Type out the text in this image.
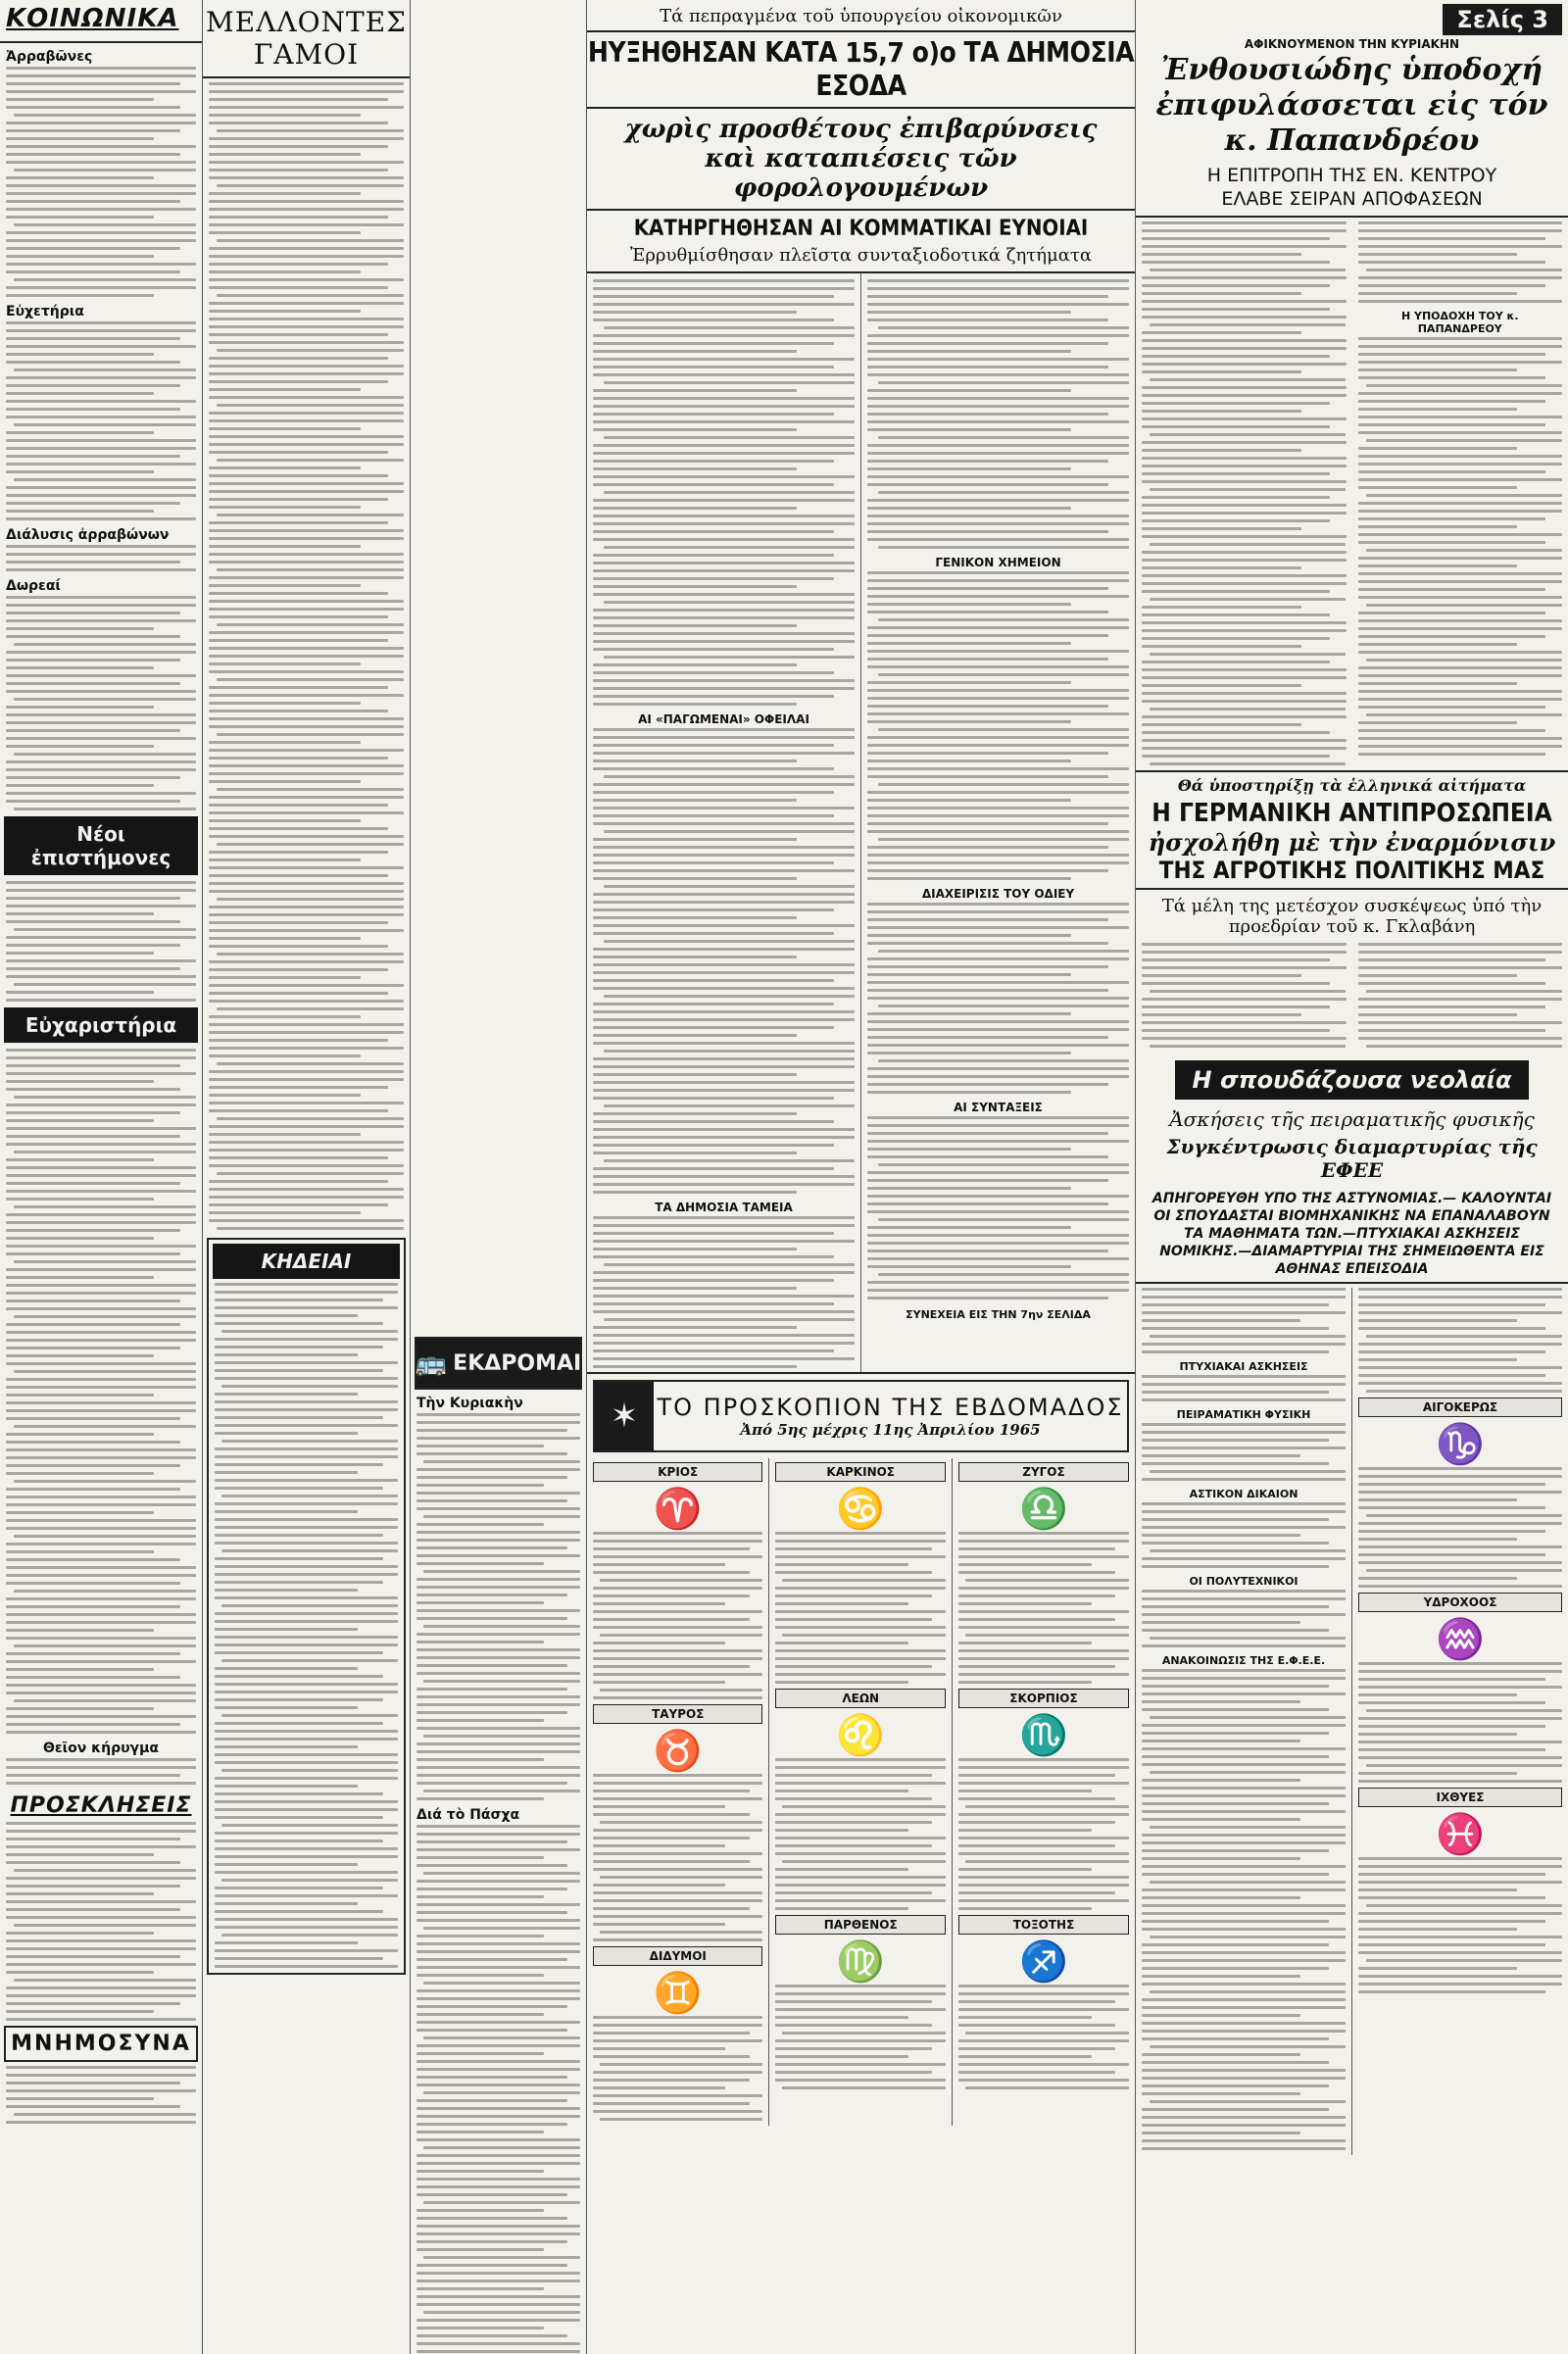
ΚΟΙΝΩΝΙΚΑ
Ἀρραβῶνες
Εὐχετήρια
Διάλυσις ἀρραβώνων
Δωρεαί
Νέοι ἐπιστήμονες
Εὐχαριστήρια
Θεῖον κήρυγμα
ΠΡΟΣΚΛΗΣΕΙΣ
ΜΝΗΜΟΣΥΝΑ
ΜΕΛΛΟΝΤΕΣ ΓΑΜΟΙ
ΚΗΔΕΙΑΙ
🚌 ΕΚΔΡΟΜΑΙ
Τὴν Κυριακὴν
Διά τὸ Πάσχα
Τά πεπραγμένα τοῦ ὑπουργείου οἰκονομικῶν
ΗΥΞΗΘΗΣΑΝ ΚΑΤΑ 15,7 ο)ο ΤΑ ΔΗΜΟΣΙΑ ΕΣΟΔΑ
χωρὶς προσθέτους ἐπιβαρύνσεις
καὶ καταπιέσεις τῶν φορολογουμένων
ΚΑΤΗΡΓΗΘΗΣΑΝ ΑΙ ΚΟΜΜΑΤΙΚΑΙ ΕΥΝΟΙΑΙ
Ἐρρυθμίσθησαν πλεῖστα συνταξιοδοτικά ζητήματα
ΑΙ «ΠΑΓΩΜΕΝΑΙ» ΟΦΕΙΛΑΙ
ΤΑ ΔΗΜΟΣΙΑ ΤΑΜΕΙΑ
ΓΕΝΙΚΟΝ ΧΗΜΕΙΟΝ
ΔΙΑΧΕΙΡΙΣΙΣ ΤΟΥ ΟΔΙΕΥ
ΑΙ ΣΥΝΤΑΞΕΙΣ
ΣΥΝΕΧΕΙΑ ΕΙΣ ΤΗΝ 7ην ΣΕΛΙΔΑ
✶ ΤΟ ΠΡΟΣΚΟΠΙΟΝ ΤΗΣ ΕΒΔΟΜΑΔΟΣ
Ἀπό 5ης μέχρις 11ης Ἀπριλίου 1965
ΚΡΙΟΣ
♈
ΤΑΥΡΟΣ
♉
ΔΙΔΥΜΟΙ
♊
ΚΑΡΚΙΝΟΣ
♋
ΛΕΩΝ
♌
ΠΑΡΘΕΝΟΣ
♍
ΖΥΓΟΣ
♎
ΣΚΟΡΠΙΟΣ
♏
ΤΟΞΟΤΗΣ
♐
Σελίς 3
ΑΦΙΚΝΟΥΜΕΝΟΝ ΤΗΝ ΚΥΡΙΑΚΗΝ
Ἐνθουσιώδης ὑποδοχή ἐπιφυλάσσεται εἰς τόν κ. Παπανδρέου
Η ΕΠΙΤΡΟΠΗ ΤΗΣ ΕΝ. ΚΕΝΤΡΟΥ
ΕΛΑΒΕ ΣΕΙΡΑΝ ΑΠΟΦΑΣΕΩΝ
Η ΥΠΟΔΟΧΗ ΤΟΥ κ. ΠΑΠΑΝΔΡΕΟΥ
Θά ὑποστηρίξῃ τὰ ἑλληνικά αἰτήματα
Η ΓΕΡΜΑΝΙΚΗ ΑΝΤΙΠΡΟΣΩΠΕΙΑ
ἠσχολήθη μὲ τὴν ἐναρμόνισιν
ΤΗΣ ΑΓΡΟΤΙΚΗΣ ΠΟΛΙΤΙΚΗΣ ΜΑΣ
Τά μέλη της μετέσχον συσκέψεως ὑπό τὴν προεδρίαν τοῦ κ. Γκλαβάνη
Η σπουδάζουσα νεολαία
Ἀσκήσεις τῆς πειραματικῆς φυσικῆς
Συγκέντρωσις διαμαρτυρίας τῆς ΕΦΕΕ
ΑΠΗΓΟΡΕΥΘΗ ΥΠΟ ΤΗΣ ΑΣΤΥΝΟΜΙΑΣ.— ΚΑΛΟΥΝΤΑΙ ΟΙ ΣΠΟΥΔΑΣΤΑΙ ΒΙΟΜΗΧΑΝΙΚΗΣ ΝΑ ΕΠΑΝΑΛΑΒΟΥΝ ΤΑ ΜΑΘΗΜΑΤΑ ΤΩΝ.—ΠΤΥΧΙΑΚΑΙ ΑΣΚΗΣΕΙΣ ΝΟΜΙΚΗΣ.—ΔΙΑΜΑΡΤΥΡΙΑΙ ΤΗΣ ΣΗΜΕΙΩΘΕΝΤΑ ΕΙΣ ΑΘΗΝΑΣ ΕΠΕΙΣΟΔΙΑ
ΠΤΥΧΙΑΚΑΙ ΑΣΚΗΣΕΙΣ
ΠΕΙΡΑΜΑΤΙΚΗ ΦΥΣΙΚΗ
ΑΣΤΙΚΟΝ ΔΙΚΑΙΟΝ
ΟΙ ΠΟΛΥΤΕΧΝΙΚΟΙ
ΑΝΑΚΟΙΝΩΣΙΣ ΤΗΣ Ε.Φ.Ε.Ε.
ΑΙΓΟΚΕΡΩΣ
♑
ΥΔΡΟΧΟΟΣ
♒
ΙΧΘΥΕΣ
♓
